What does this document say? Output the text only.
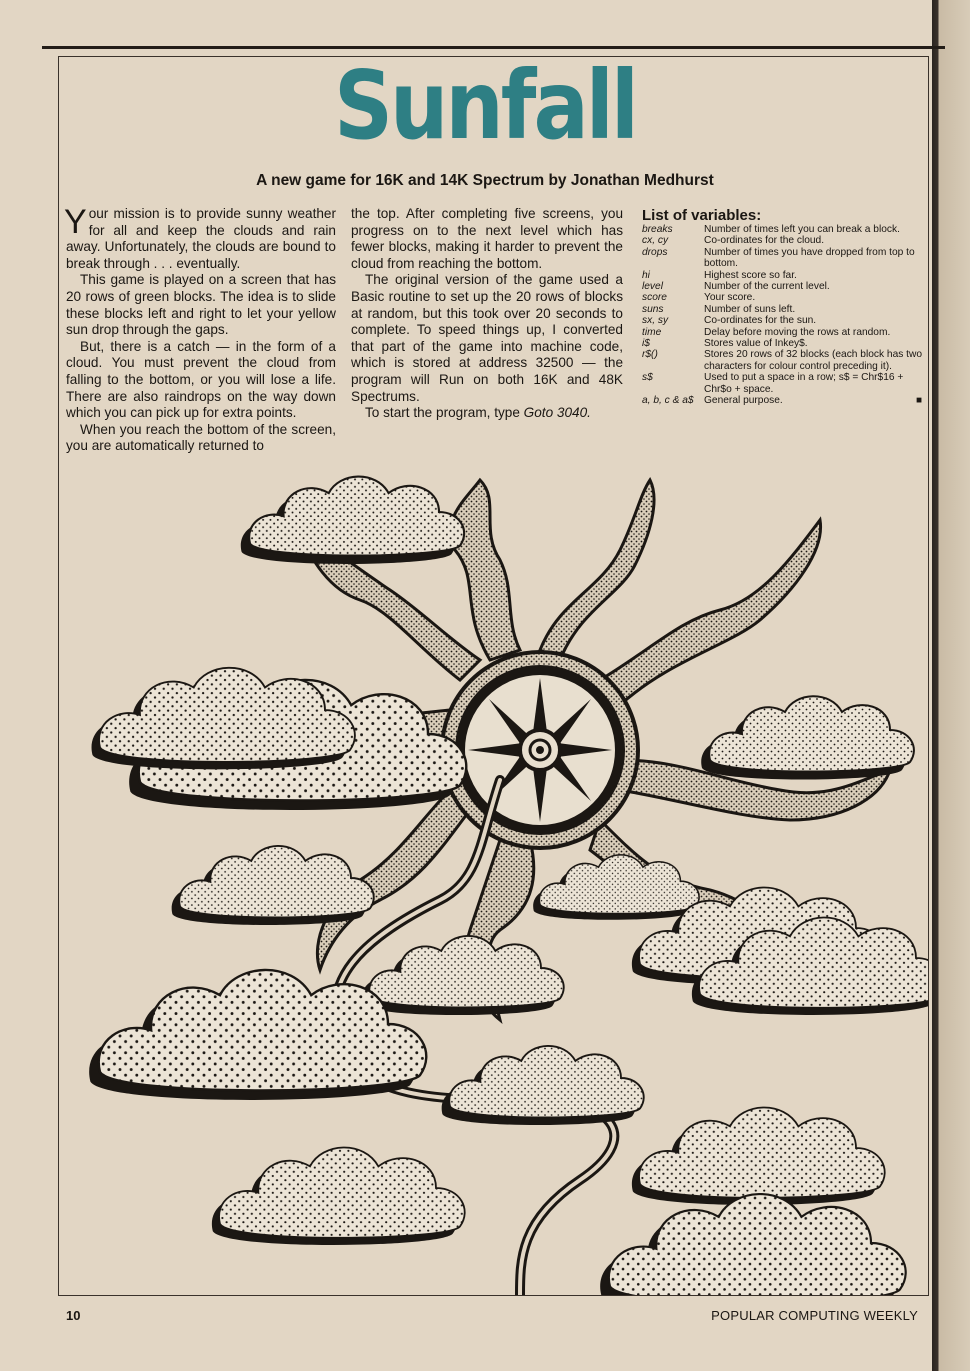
Sunfall
A new game for 16K and 14K Spectrum by Jonathan Medhurst

Your mission is to provide sunny weather for all and keep the clouds and rain away. Unfortunately, the clouds are bound to break through . . . eventually.

This game is played on a screen that has 20 rows of green blocks. The idea is to slide these blocks left and right to let your yellow sun drop through the gaps.

But, there is a catch — in the form of a cloud. You must prevent the cloud from falling to the bottom, or you will lose a life. There are also raindrops on the way down which you can pick up for extra points.

When you reach the bottom of the screen, you are automatically returned to

the top. After completing five screens, you progress on to the next level which has fewer blocks, making it harder to prevent the cloud from reaching the bottom.

The original version of the game used a Basic routine to set up the 20 rows of blocks at random, but this took over 20 seconds to complete. To speed things up, I converted that part of the game into machine code, which is stored at address 32500 — the program will Run on both 16K and 48K Spectrums.

To start the program, type Goto 3040.

List of variables:
breaks	Number of times left you can break a block.
cx, cy	Co-ordinates for the cloud.
drops	Number of times you have dropped from top to bottom.
hi	Highest score so far.
level	Number of the current level.
score	Your score.
suns	Number of suns left.
sx, sy	Co-ordinates for the sun.
time	Delay before moving the rows at random.
i$	Stores value of Inkey$.
r$()	Stores 20 rows of 32 blocks (each block has two characters for colour control preceding it).
s$	Used to put a space in a row; s$ = Chr$16 + Chr$o + space.
a, b, c & a$	General purpose.	■
10	POPULAR COMPUTING WEEKLY
